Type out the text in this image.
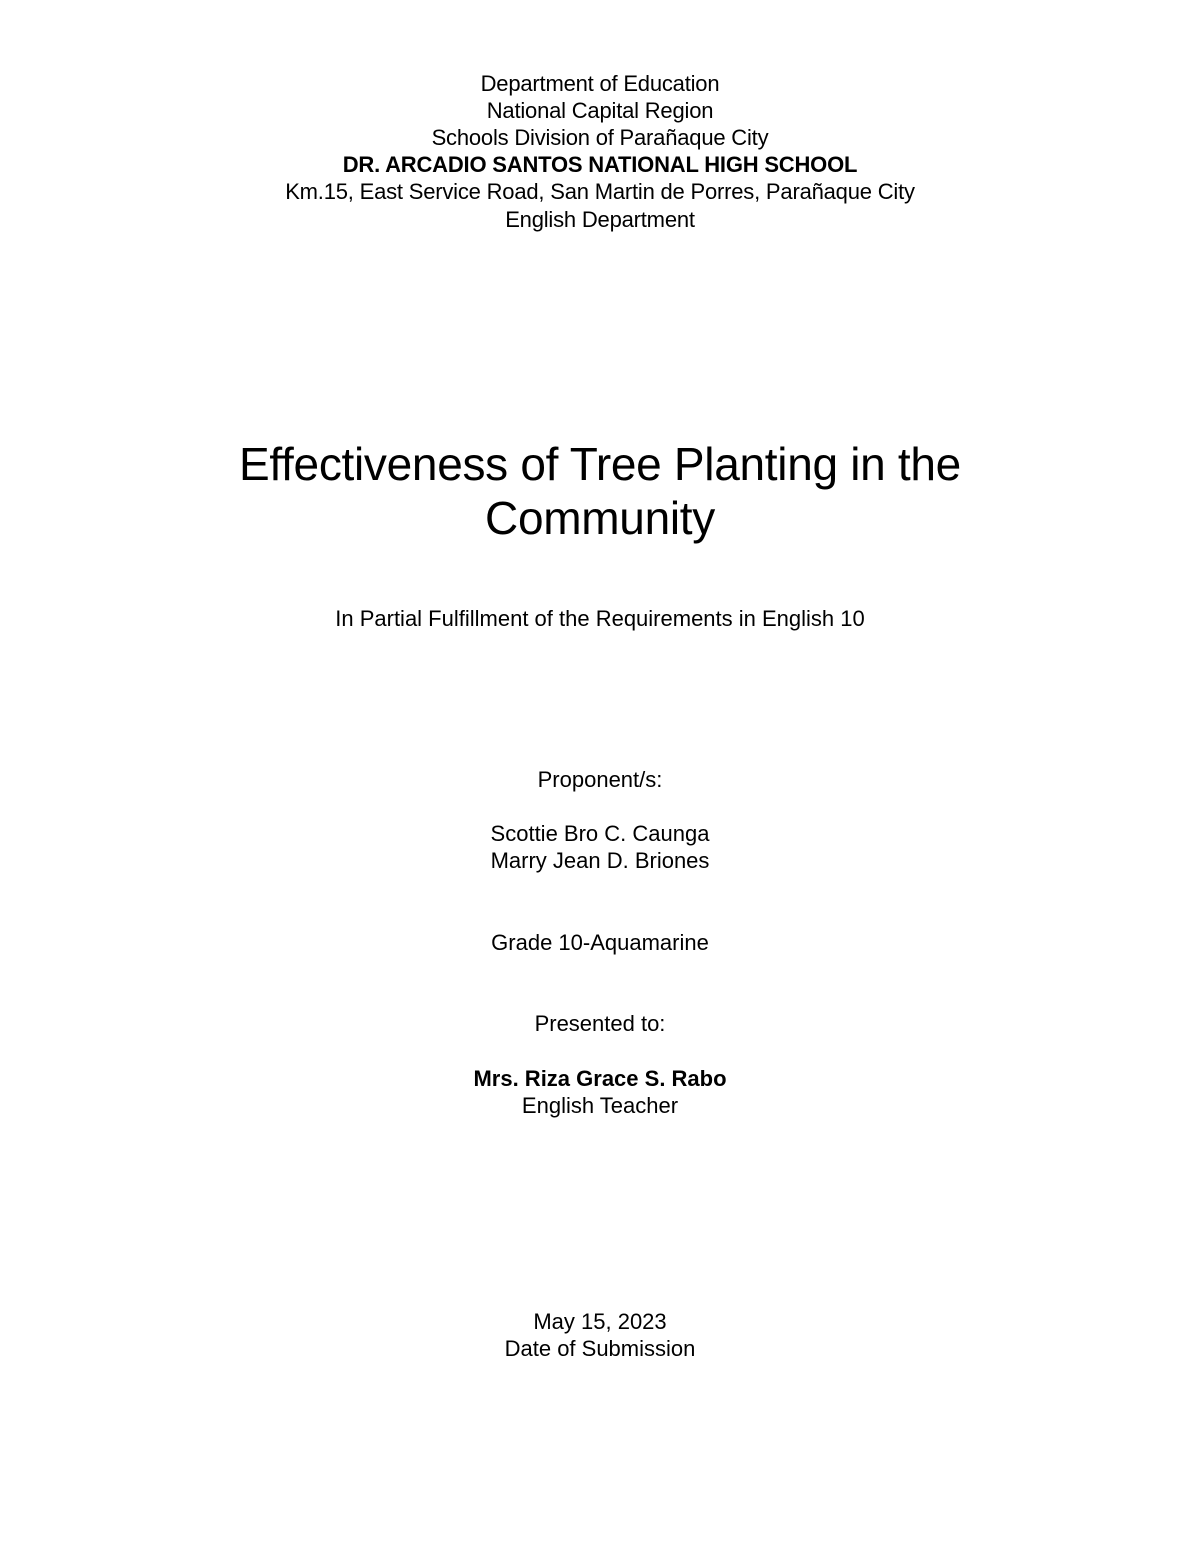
Department of Education
National Capital Region
Schools Division of Parañaque City
DR. ARCADIO SANTOS NATIONAL HIGH SCHOOL
Km.15, East Service Road, San Martin de Porres, Parañaque City
English Department
Effectiveness of Tree Planting in the
Community
In Partial Fulfillment of the Requirements in English 10
Proponent/s:
Scottie Bro C. Caunga
Marry Jean D. Briones
Grade 10-Aquamarine
Presented to:
Mrs. Riza Grace S. Rabo
English Teacher
May 15, 2023
Date of Submission
